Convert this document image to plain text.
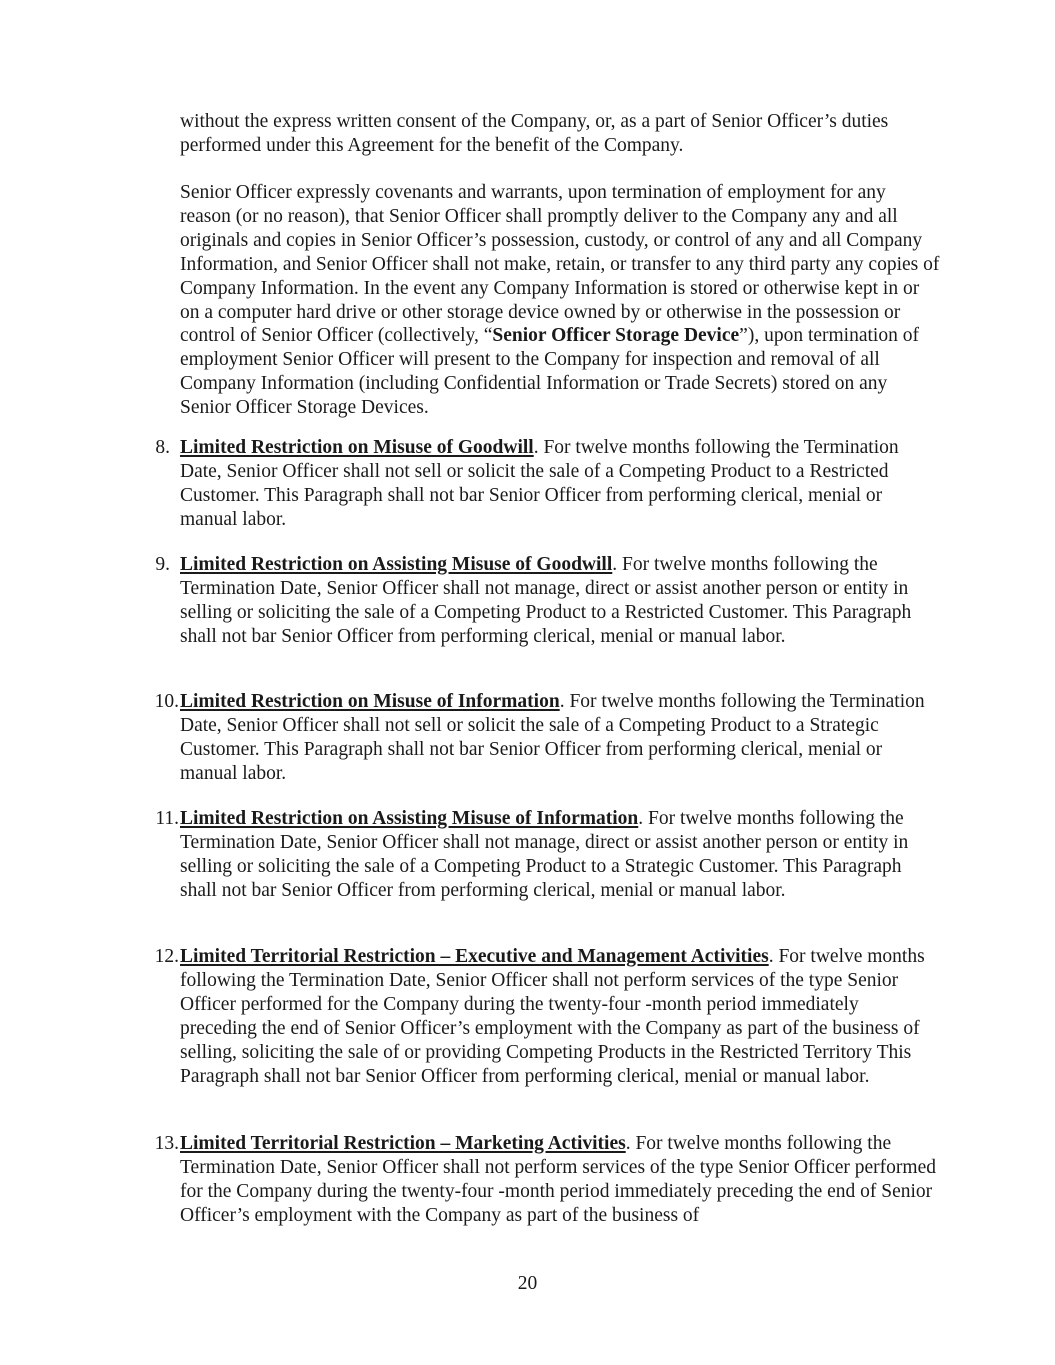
without the express written consent of the Company, or, as a part of Senior Officer’s duties performed under this Agreement for the benefit of the Company.

Senior Officer expressly covenants and warrants, upon termination of employment for any reason (or no reason), that Senior Officer shall promptly deliver to the Company any and all originals and copies in Senior Officer’s possession, custody, or control of any and all Company Information, and Senior Officer shall not make, retain, or transfer to any third party any copies of Company Information. In the event any Company Information is stored or otherwise kept in or on a computer hard drive or other storage device owned by or otherwise in the possession or control of Senior Officer (collectively, “Senior Officer Storage Device”), upon termination of employment Senior Officer will present to the Company for inspection and removal of all Company Information (including Confidential Information or Trade Secrets) stored on any Senior Officer Storage Devices.

8. Limited Restriction on Misuse of Goodwill. For twelve months following the Termination Date, Senior Officer shall not sell or solicit the sale of a Competing Product to a Restricted Customer. This Paragraph shall not bar Senior Officer from performing clerical, menial or manual labor.

9. Limited Restriction on Assisting Misuse of Goodwill. For twelve months following the Termination Date, Senior Officer shall not manage, direct or assist another person or entity in selling or soliciting the sale of a Competing Product to a Restricted Customer. This Paragraph shall not bar Senior Officer from performing clerical, menial or manual labor.

10. Limited Restriction on Misuse of Information. For twelve months following the Termination Date, Senior Officer shall not sell or solicit the sale of a Competing Product to a Strategic Customer. This Paragraph shall not bar Senior Officer from performing clerical, menial or manual labor.

11. Limited Restriction on Assisting Misuse of Information. For twelve months following the Termination Date, Senior Officer shall not manage, direct or assist another person or entity in selling or soliciting the sale of a Competing Product to a Strategic Customer. This Paragraph shall not bar Senior Officer from performing clerical, menial or manual labor.

12. Limited Territorial Restriction – Executive and Management Activities. For twelve months following the Termination Date, Senior Officer shall not perform services of the type Senior Officer performed for the Company during the twenty-four -month period immediately preceding the end of Senior Officer’s employment with the Company as part of the business of selling, soliciting the sale of or providing Competing Products in the Restricted Territory This Paragraph shall not bar Senior Officer from performing clerical, menial or manual labor.

13. Limited Territorial Restriction – Marketing Activities. For twelve months following the Termination Date, Senior Officer shall not perform services of the type Senior Officer performed for the Company during the twenty-four -month period immediately preceding the end of Senior Officer’s employment with the Company as part of the business of

20
